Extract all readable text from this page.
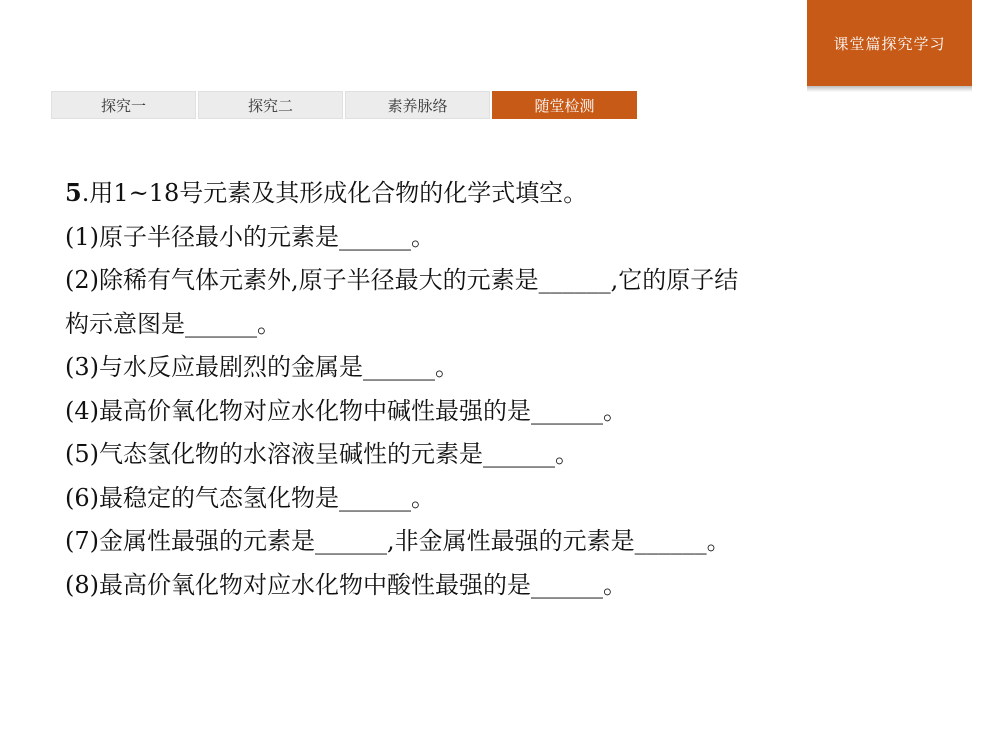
课堂篇探究学习
探究一	探究二	素养脉络	随堂检测
5.用1~18号元素及其形成化合物的化学式填空。
(1)原子半径最小的元素是______。
(2)除稀有气体元素外,原子半径最大的元素是______,它的原子结
构示意图是______。
(3)与水反应最剧烈的金属是______。
(4)最高价氧化物对应水化物中碱性最强的是______。
(5)气态氢化物的水溶液呈碱性的元素是______。
(6)最稳定的气态氢化物是______。
(7)金属性最强的元素是______,非金属性最强的元素是______。
(8)最高价氧化物对应水化物中酸性最强的是______。
